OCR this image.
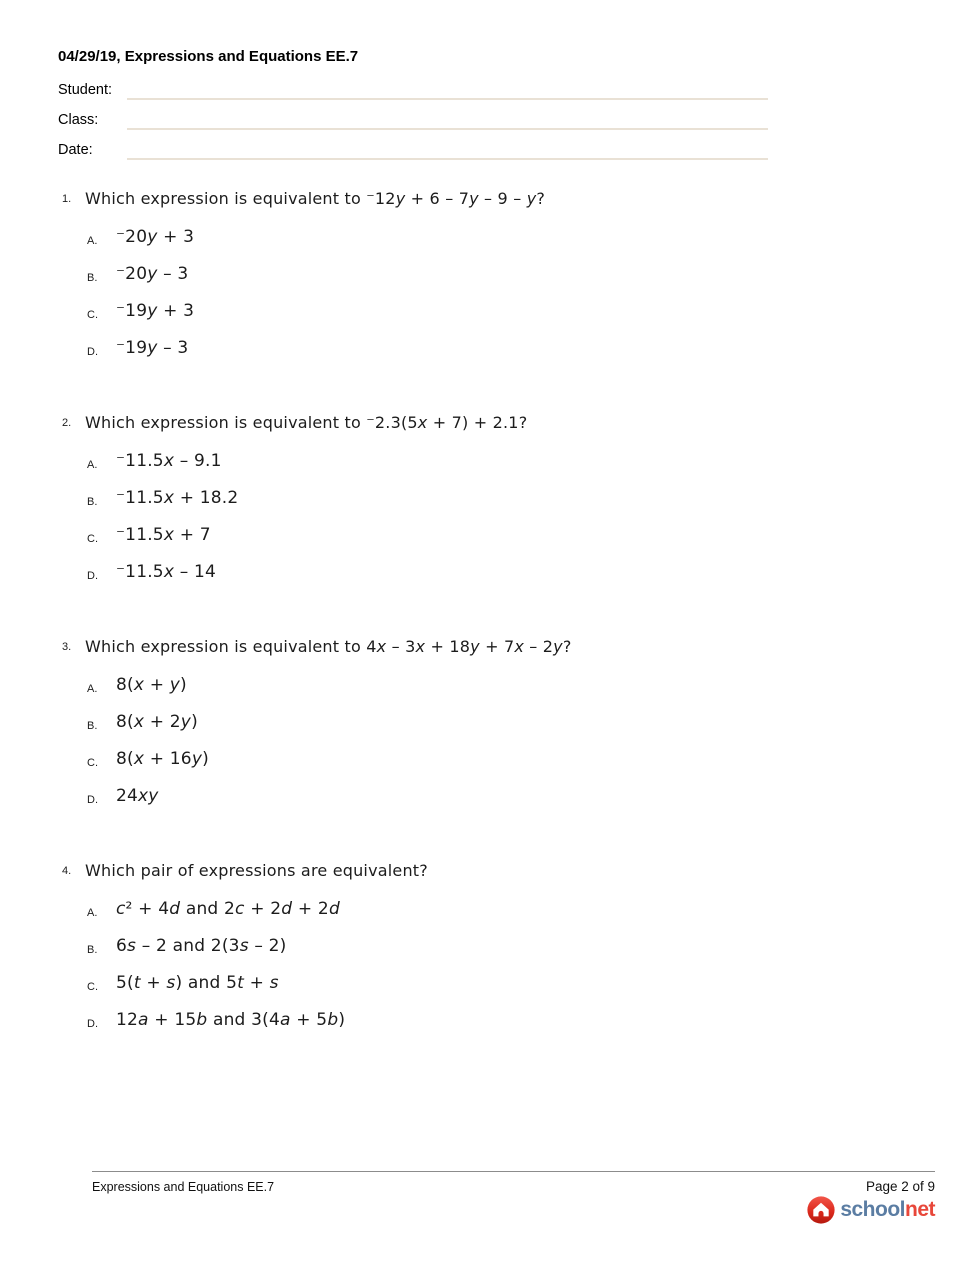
04/29/19, Expressions and Equations EE.7
Student:
Class:
Date:
1. Which expression is equivalent to ⁻12y + 6 – 7y – 9 – y?
A.	⁻20y + 3
B.	⁻20y – 3
C.	⁻19y + 3
D.	⁻19y – 3
2. Which expression is equivalent to ⁻2.3(5x + 7) + 2.1?
A.	⁻11.5x – 9.1
B.	⁻11.5x + 18.2
C.	⁻11.5x + 7
D.	⁻11.5x – 14
3. Which expression is equivalent to 4x – 3x + 18y + 7x – 2y?
A.	8(x + y)
B.	8(x + 2y)
C.	8(x + 16y)
D.	24xy
4. Which pair of expressions are equivalent?
A.	c² + 4d and 2c + 2d + 2d
B.	6s – 2 and 2(3s – 2)
C.	5(t + s) and 5t + s
D.	12a + 15b and 3(4a + 5b)
Expressions and Equations EE.7	Page 2 of 9
schoolnet
